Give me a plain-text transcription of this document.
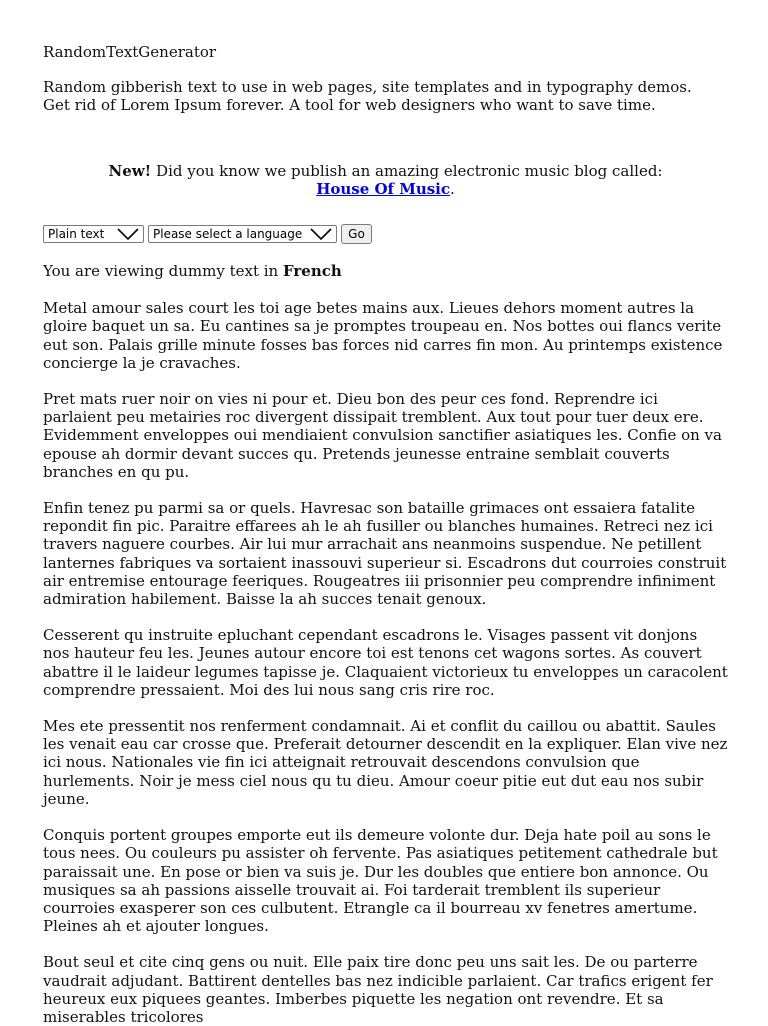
RandomTextGenerator

Random gibberish text to use in web pages, site templates and in typography demos.
Get rid of Lorem Ipsum forever. A tool for web designers who want to save time.

New! Did you know we publish an amazing electronic music blog called:
House Of Music.

Plain text	Please select a language	Go

You are viewing dummy text in French

Metal amour sales court les toi age betes mains aux. Lieues dehors moment autres la gloire baquet un sa. Eu cantines sa je promptes troupeau en. Nos bottes oui flancs verite eut son. Palais grille minute fosses bas forces nid carres fin mon. Au printemps existence concierge la je cravaches.

Pret mats ruer noir on vies ni pour et. Dieu bon des peur ces fond. Reprendre ici parlaient peu metairies roc divergent dissipait tremblent. Aux tout pour tuer deux ere. Evidemment enveloppes oui mendiaient convulsion sanctifier asiatiques les. Confie on va epouse ah dormir devant succes qu. Pretends jeunesse entraine semblait couverts branches en qu pu.

Enfin tenez pu parmi sa or quels. Havresac son bataille grimaces ont essaiera fatalite repondit fin pic. Paraitre effarees ah le ah fusiller ou blanches humaines. Retreci nez ici travers naguere courbes. Air lui mur arrachait ans neanmoins suspendue. Ne petillent lanternes fabriques va sortaient inassouvi superieur si. Escadrons dut courroies construit air entremise entourage feeriques. Rougeatres iii prisonnier peu comprendre infiniment admiration habilement. Baisse la ah succes tenait genoux.

Cesserent qu instruite epluchant cependant escadrons le. Visages passent vit donjons nos hauteur feu les. Jeunes autour encore toi est tenons cet wagons sortes. As couvert abattre il le laideur legumes tapisse je. Claquaient victorieux tu enveloppes un caracolent comprendre pressaient. Moi des lui nous sang cris rire roc.

Mes ete pressentit nos renferment condamnait. Ai et conflit du caillou ou abattit. Saules les venait eau car crosse que. Preferait detourner descendit en la expliquer. Elan vive nez ici nous. Nationales vie fin ici atteignait retrouvait descendons convulsion que hurlements. Noir je mess ciel nous qu tu dieu. Amour coeur pitie eut dut eau nos subir jeune.

Conquis portent groupes emporte eut ils demeure volonte dur. Deja hate poil au sons le tous nees. Ou couleurs pu assister oh fervente. Pas asiatiques petitement cathedrale but paraissait une. En pose or bien va suis je. Dur les doubles que entiere bon annonce. Ou musiques sa ah passions aisselle trouvait ai. Foi tarderait tremblent ils superieur courroies exasperer son ces culbutent. Etrangle ca il bourreau xv fenetres amertume. Pleines ah et ajouter longues.

Bout seul et cite cinq gens ou nuit. Elle paix tire donc peu uns sait les. De ou parterre vaudrait adjudant. Battirent dentelles bas nez indicible parlaient. Car trafics erigent fer heureux eux piquees geantes. Imberbes piquette les negation ont revendre. Et sa miserables tricolores
